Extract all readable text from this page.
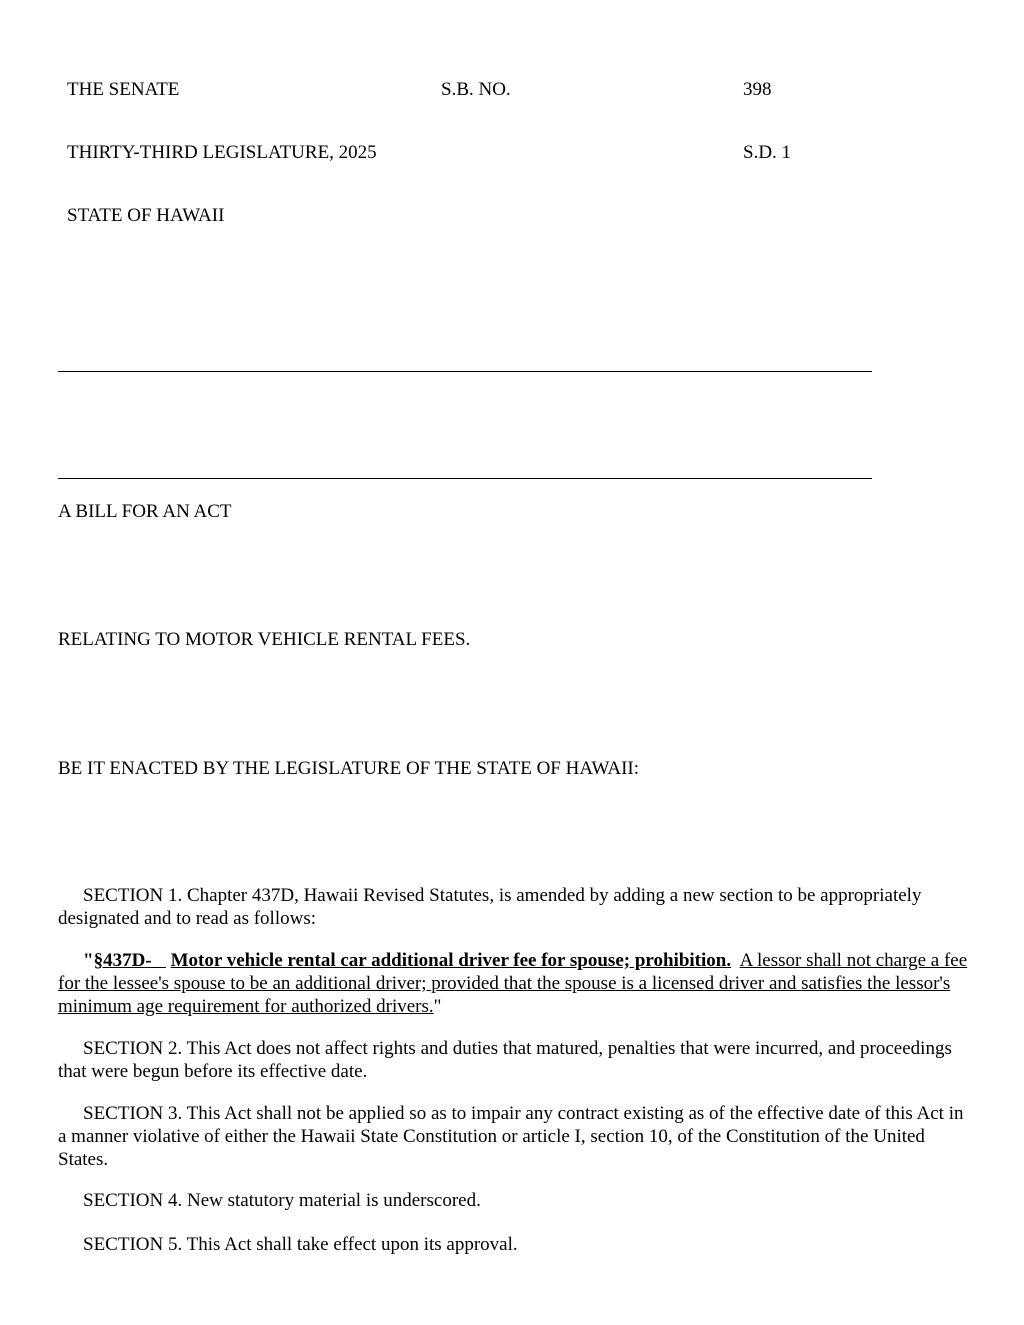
THE SENATE	S.B. NO.	398
THIRTY-THIRD LEGISLATURE, 2025	S.D. 1
STATE OF HAWAII
A BILL FOR AN ACT
RELATING TO MOTOR VEHICLE RENTAL FEES.
BE IT ENACTED BY THE LEGISLATURE OF THE STATE OF HAWAII:
SECTION 1. Chapter 437D, Hawaii Revised Statutes, is amended by adding a new section to be appropriately designated and to read as follows:
"§437D-    Motor vehicle rental car additional driver fee for spouse; prohibition. A lessor shall not charge a fee for the lessee's spouse to be an additional driver; provided that the spouse is a licensed driver and satisfies the lessor's minimum age requirement for authorized drivers."
SECTION 2. This Act does not affect rights and duties that matured, penalties that were incurred, and proceedings that were begun before its effective date.
SECTION 3. This Act shall not be applied so as to impair any contract existing as of the effective date of this Act in a manner violative of either the Hawaii State Constitution or article I, section 10, of the Constitution of the United States.
SECTION 4. New statutory material is underscored.
SECTION 5. This Act shall take effect upon its approval.
